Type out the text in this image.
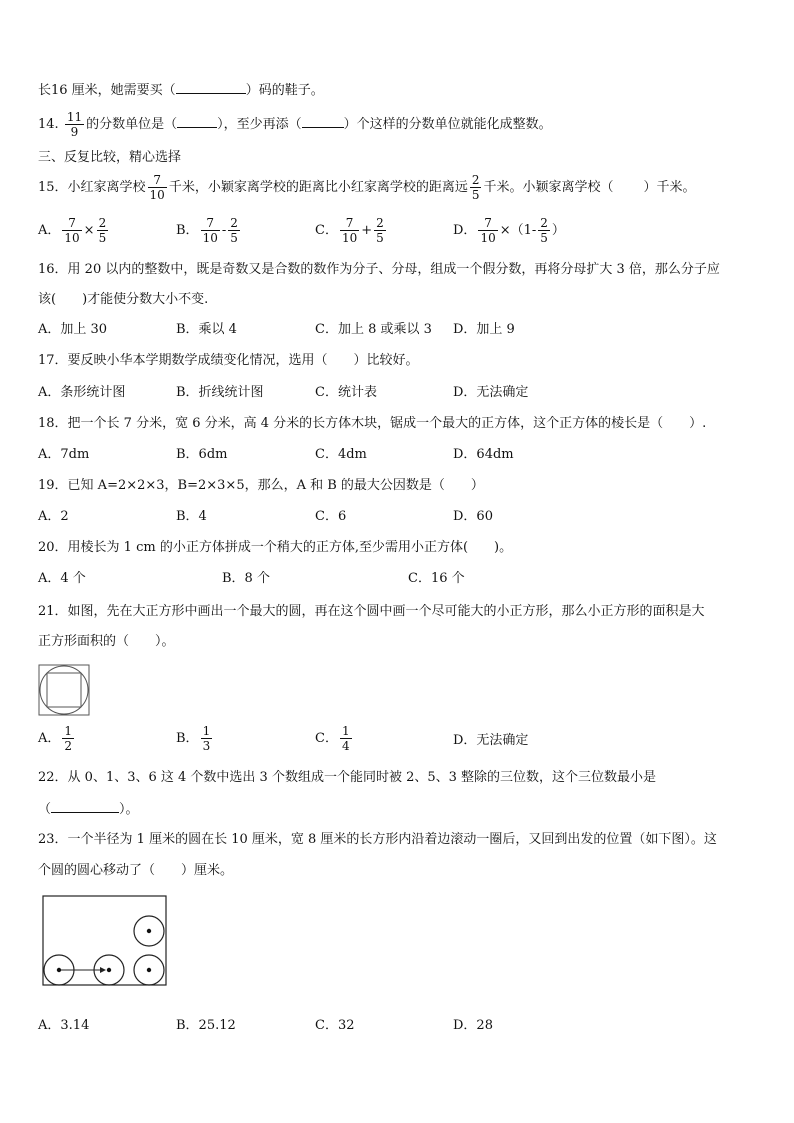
长16 厘米，她需要买（	）码的鞋子。
14. $\frac{11}{9}$ 的分数单位是（	），至少再添（	）个这样的分数单位就能化成整数。
三、反复比较，精心选择
15．小红家离学校 $\frac{7}{10}$ 千米，小颖家离学校的距离比小红家离学校的距离远 $\frac{2}{5}$ 千米。小颖家离学校（ ）千米。
A． $\frac{7}{10} \times \frac{2}{5}$	B． $\frac{7}{10} - \frac{2}{5}$	C． $\frac{7}{10} + \frac{2}{5}$	D． $\frac{7}{10} \times(1- \frac{2}{5}$ ）
16．用 20 以内的整数中，既是奇数又是合数的数作为分子、分母，组成一个假分数，再将分母扩大 3 倍，那么分子应
该(　　)才能使分数大小不变.
A．加上 30	B．乘以 4	C．加上 8 或乘以 3 D．加上 9
17．要反映小华本学期数学成绩变化情况，选用（　　）比较好。
A．条形统计图	B．折线统计图	C．统计表	D．无法确定
18．把一个长 7 分米，宽 6 分米，高 4 分米的长方体木块，锯成一个最大的正方体，这个正方体的棱长是（　　）.
A．7dm	B．6dm	C．4dm	D．64dm
19．已知 A=2×2×3，B=2×3×5，那么，A 和 B 的最大公因数是（　　）
A．2	B．4	C．6	D．60
20．用棱长为 1 cm 的小正方体拼成一个稍大的正方体,至少需用小正方体(　　)。
A．4 个	B．8 个	C．16 个
21．如图，先在大正方形中画出一个最大的圆，再在这个圆中画一个尽可能大的小正方形，那么小正方形的面积是大
正方形面积的（　　）。
A． $\frac{1}{2}$	B． $\frac{1}{3}$	C． $\frac{1}{4}$	D．无法确定
22．从 0、1、3、6 这 4 个数中选出 3 个数组成一个能同时被 2、5、3 整除的三位数，这个三位数最小是
（	）。
23．一个半径为 1 厘米的圆在长 10 厘米，宽 8 厘米的长方形内沿着边滚动一圈后，又回到出发的位置（如下图）。这
个圆的圆心移动了（　　）厘米。
A．3.14	B．25.12	C．32	D．28
